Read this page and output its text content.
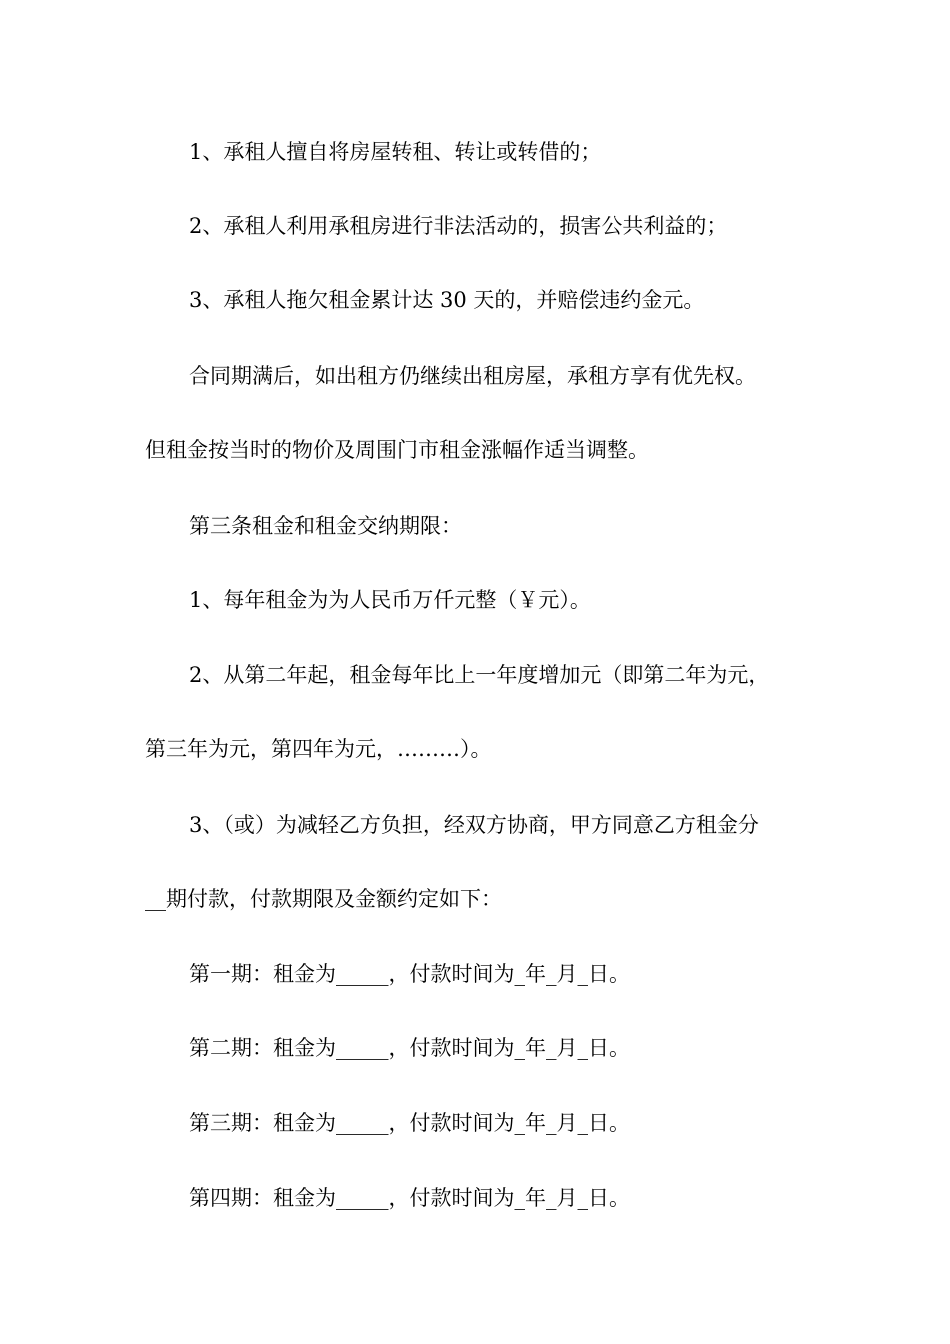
1、承租人擅自将房屋转租、转让或转借的；
2、承租人利用承租房进行非法活动的，损害公共利益的；
3、承租人拖欠租金累计达 30 天的，并赔偿违约金元。
合同期满后，如出租方仍继续出租房屋，承租方享有优先权。
但租金按当时的物价及周围门市租金涨幅作适当调整。
第三条租金和租金交纳期限：
1、每年租金为为人民币万仟元整（￥元）。
2、从第二年起，租金每年比上一年度增加元（即第二年为元，
第三年为元，第四年为元，………）。
3、（或）为减轻乙方负担，经双方协商，甲方同意乙方租金分
__期付款，付款期限及金额约定如下：
第一期：租金为_____，付款时间为_年_月_日。
第二期：租金为_____，付款时间为_年_月_日。
第三期：租金为_____，付款时间为_年_月_日。
第四期：租金为_____，付款时间为_年_月_日。
